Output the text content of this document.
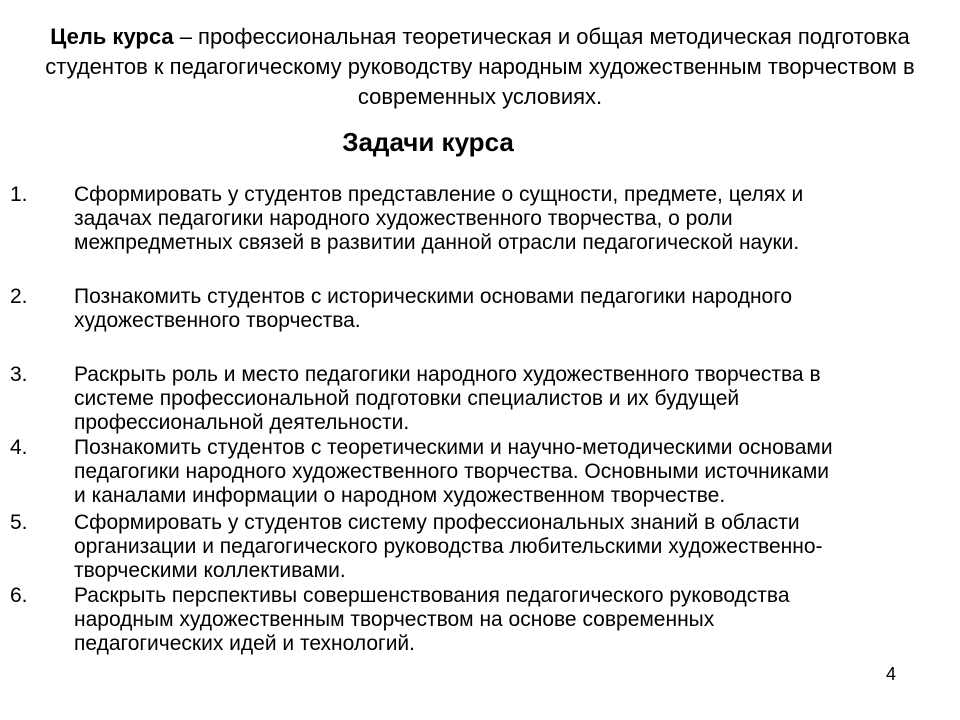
Цель курса – профессиональная теоретическая и общая методическая подготовка студентов к педагогическому руководству народным художественным творчеством в современных условиях.
Задачи курса
1. Сформировать у студентов представление о сущности, предмете, целях и
задачах педагогики народного художественного творчества, о роли
межпредметных связей в развитии данной отрасли педагогической науки.
2. Познакомить студентов с историческими основами педагогики народного
художественного творчества.
3. Раскрыть роль и место педагогики народного художественного творчества в
системе профессиональной подготовки специалистов и их будущей
профессиональной деятельности.
4. Познакомить студентов с теоретическими и научно-методическими основами
педагогики народного художественного творчества. Основными источниками
и каналами информации о народном художественном творчестве.
5. Сформировать у студентов систему профессиональных знаний в области
организации и педагогического руководства любительскими художественно-
творческими коллективами.
6. Раскрыть перспективы совершенствования педагогического руководства
народным художественным творчеством на основе современных
педагогических идей и технологий.
4
